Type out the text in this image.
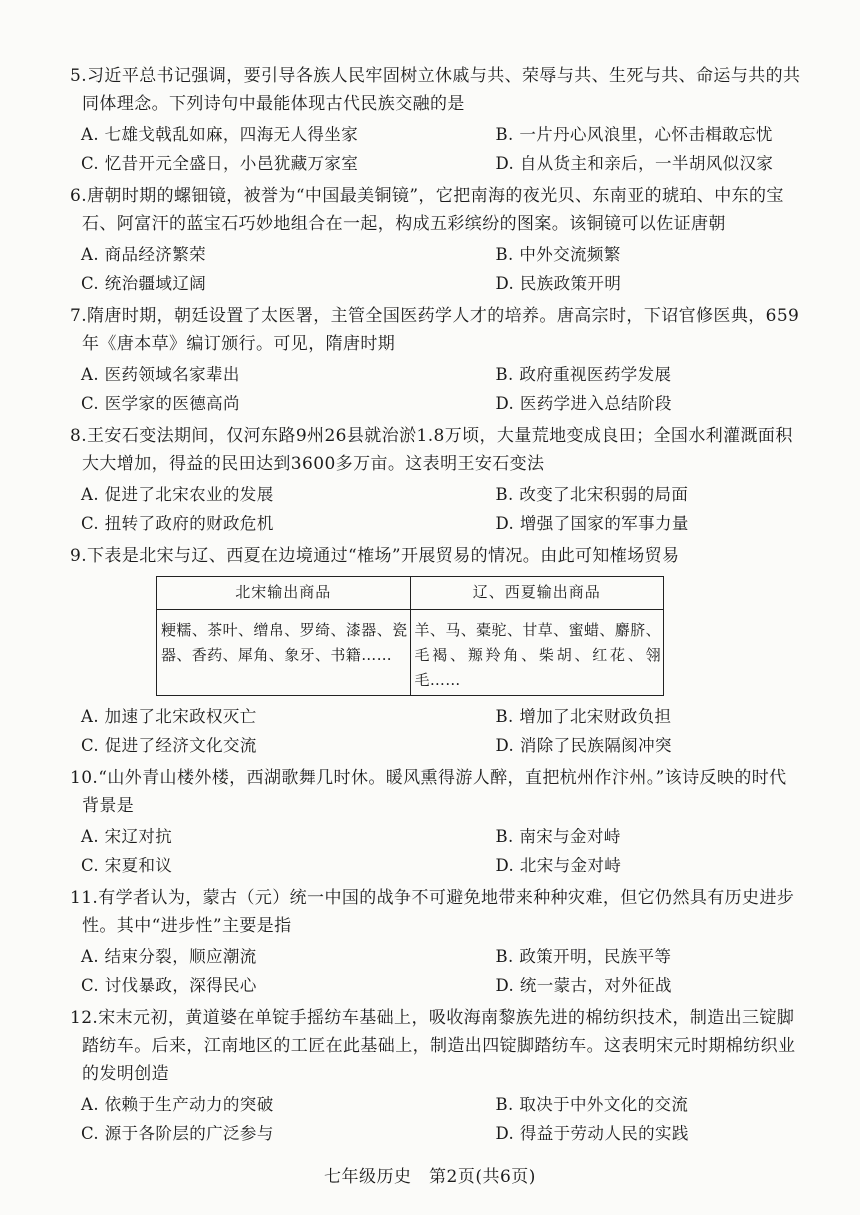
5.习近平总书记强调，要引导各族人民牢固树立休戚与共、荣辱与共、生死与共、命运与共的共同体理念。下列诗句中最能体现古代民族交融的是
A. 七雄戈戟乱如麻，四海无人得坐家	B. 一片丹心风浪里，心怀击楫敢忘忧
C. 忆昔开元全盛日，小邑犹藏万家室	D. 自从货主和亲后，一半胡风似汉家
6.唐朝时期的螺钿镜，被誉为“中国最美铜镜”，它把南海的夜光贝、东南亚的琥珀、中东的宝石、阿富汗的蓝宝石巧妙地组合在一起，构成五彩缤纷的图案。该铜镜可以佐证唐朝
A. 商品经济繁荣	B. 中外交流频繁
C. 统治疆域辽阔	D. 民族政策开明
7.隋唐时期，朝廷设置了太医署，主管全国医药学人才的培养。唐高宗时，下诏官修医典，659年《唐本草》编订颁行。可见，隋唐时期
A. 医药领域名家辈出	B. 政府重视医药学发展
C. 医学家的医德高尚	D. 医药学进入总结阶段
8.王安石变法期间，仅河东路9州26县就治淤1.8万顷，大量荒地变成良田；全国水利灌溉面积大大增加，得益的民田达到3600多万亩。这表明王安石变法
A. 促进了北宋农业的发展	B. 改变了北宋积弱的局面
C. 扭转了政府的财政危机	D. 增强了国家的军事力量
9.下表是北宋与辽、西夏在边境通过“榷场”开展贸易的情况。由此可知榷场贸易
北宋输出商品	辽、西夏输出商品
粳糯、茶叶、缯帛、罗绮、漆器、瓷器、香药、犀角、象牙、书籍……	羊、马、橐驼、甘草、蜜蜡、麝脐、毛褐、羱羚角、柴胡、红花、翎毛……
A. 加速了北宋政权灭亡	B. 增加了北宋财政负担
C. 促进了经济文化交流	D. 消除了民族隔阂冲突
10.“山外青山楼外楼，西湖歌舞几时休。暖风熏得游人醉，直把杭州作汴州。”该诗反映的时代背景是
A. 宋辽对抗	B. 南宋与金对峙
C. 宋夏和议	D. 北宋与金对峙
11.有学者认为，蒙古（元）统一中国的战争不可避免地带来种种灾难，但它仍然具有历史进步性。其中“进步性”主要是指
A. 结束分裂，顺应潮流	B. 政策开明，民族平等
C. 讨伐暴政，深得民心	D. 统一蒙古，对外征战
12.宋末元初，黄道婆在单锭手摇纺车基础上，吸收海南黎族先进的棉纺织技术，制造出三锭脚踏纺车。后来，江南地区的工匠在此基础上，制造出四锭脚踏纺车。这表明宋元时期棉纺织业的发明创造
A. 依赖于生产动力的突破	B. 取决于中外文化的交流
C. 源于各阶层的广泛参与	D. 得益于劳动人民的实践
七年级历史　第2页(共6页)
